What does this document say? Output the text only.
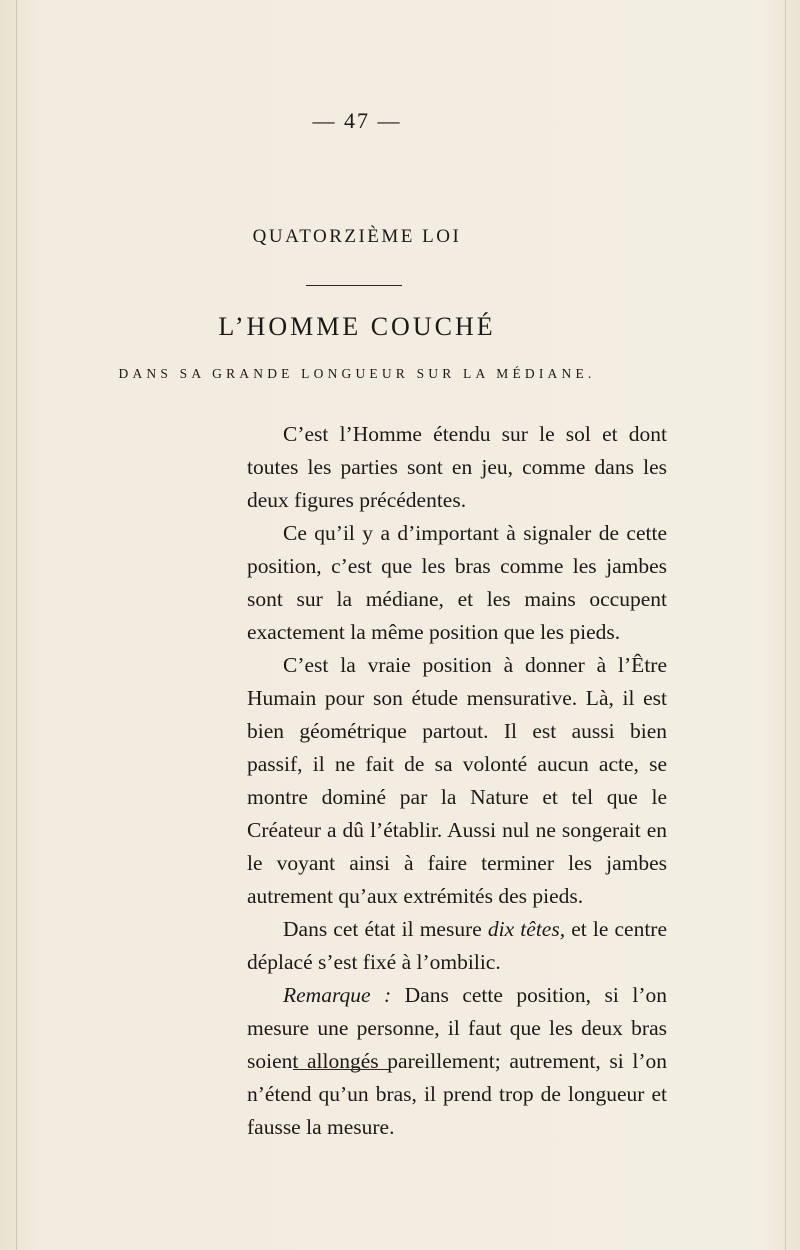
— 47 —
QUATORZIÈME LOI
L’HOMME COUCHÉ
DANS SA GRANDE LONGUEUR SUR LA MÉDIANE.

C’est l’Homme étendu sur le sol et dont toutes les parties sont en jeu, comme dans les deux figures précédentes.

Ce qu’il y a d’important à signaler de cette position, c’est que les bras comme les jambes sont sur la médiane, et les mains occupent exactement la même position que les pieds.

C’est la vraie position à donner à l’Être Humain pour son étude mensurative. Là, il est bien géométrique partout. Il est aussi bien passif, il ne fait de sa volonté aucun acte, se montre dominé par la Nature et tel que le Créateur a dû l’établir. Aussi nul ne songerait en le voyant ainsi à faire terminer les jambes autrement qu’aux extrémités des pieds.

Dans cet état il mesure dix têtes, et le centre déplacé s’est fixé à l’ombilic.

Remarque : Dans cette position, si l’on mesure une personne, il faut que les deux bras soient allongés pareillement; autrement, si l’on n’étend qu’un bras, il prend trop de longueur et fausse la mesure.
